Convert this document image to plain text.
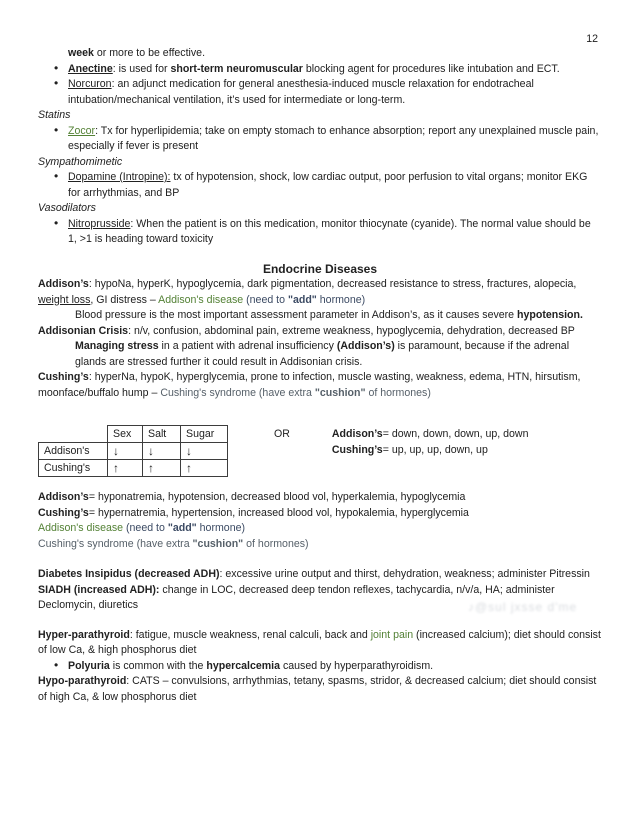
12
week or more to be effective.
• Anectine: is used for short-term neuromuscular blocking agent for procedures like intubation and ECT.
• Norcuron: an adjunct medication for general anesthesia-induced muscle relaxation for endotracheal intubation/mechanical ventilation, it’s used for intermediate or long-term.
Statins
• Zocor: Tx for hyperlipidemia; take on empty stomach to enhance absorption; report any unexplained muscle pain, especially if fever is present
Sympathomimetic
• Dopamine (Intropine): tx of hypotension, shock, low cardiac output, poor perfusion to vital organs; monitor EKG for arrhythmias, and BP
Vasodilators
• Nitroprusside: When the patient is on this medication, monitor thiocynate (cyanide). The normal value should be 1, >1 is heading toward toxicity
Endocrine Diseases
Addison’s: hypoNa, hyperK, hypoglycemia, dark pigmentation, decreased resistance to stress, fractures, alopecia, weight loss, GI distress – Addison's disease (need to "add" hormone)
Blood pressure is the most important assessment parameter in Addison’s, as it causes severe hypotension.
Addisonian Crisis: n/v, confusion, abdominal pain, extreme weakness, hypoglycemia, dehydration, decreased BP
Managing stress in a patient with adrenal insufficiency (Addison’s) is paramount, because if the adrenal glands are stressed further it could result in Addisonian crisis.
Cushing’s: hyperNa, hypoK, hyperglycemia, prone to infection, muscle wasting, weakness, edema, HTN, hirsutism, moonface/buffalo hump – Cushing's syndrome (have extra "cushion" of hormones)
	Sex	Salt	Sugar
Addison's	↓	↓	↓
Cushing's	↑	↑	↑
OR	Addison’s= down, down, down, up, down
Cushing’s= up, up, up, down, up
Addison’s= hyponatremia, hypotension, decreased blood vol, hyperkalemia, hypoglycemia
Cushing’s= hypernatremia, hypertension, increased blood vol, hypokalemia, hyperglycemia
Addison's disease (need to "add" hormone)
Cushing's syndrome (have extra "cushion" of hormones)
Diabetes Insipidus (decreased ADH): excessive urine output and thirst, dehydration, weakness; administer Pitressin
SIADH (increased ADH): change in LOC, decreased deep tendon reflexes, tachycardia, n/v/a, HA; administer Declomycin, diuretics
Hyper-parathyroid: fatigue, muscle weakness, renal calculi, back and joint pain (increased calcium); diet should consist of low Ca, & high phosphorus diet
• Polyuria is common with the hypercalcemia caused by hyperparathyroidism.
Hypo-parathyroid: CATS – convulsions, arrhythmias, tetany, spasms, stridor, & decreased calcium; diet should consist of high Ca, & low phosphorus diet
♪@sul jxsse d'me
